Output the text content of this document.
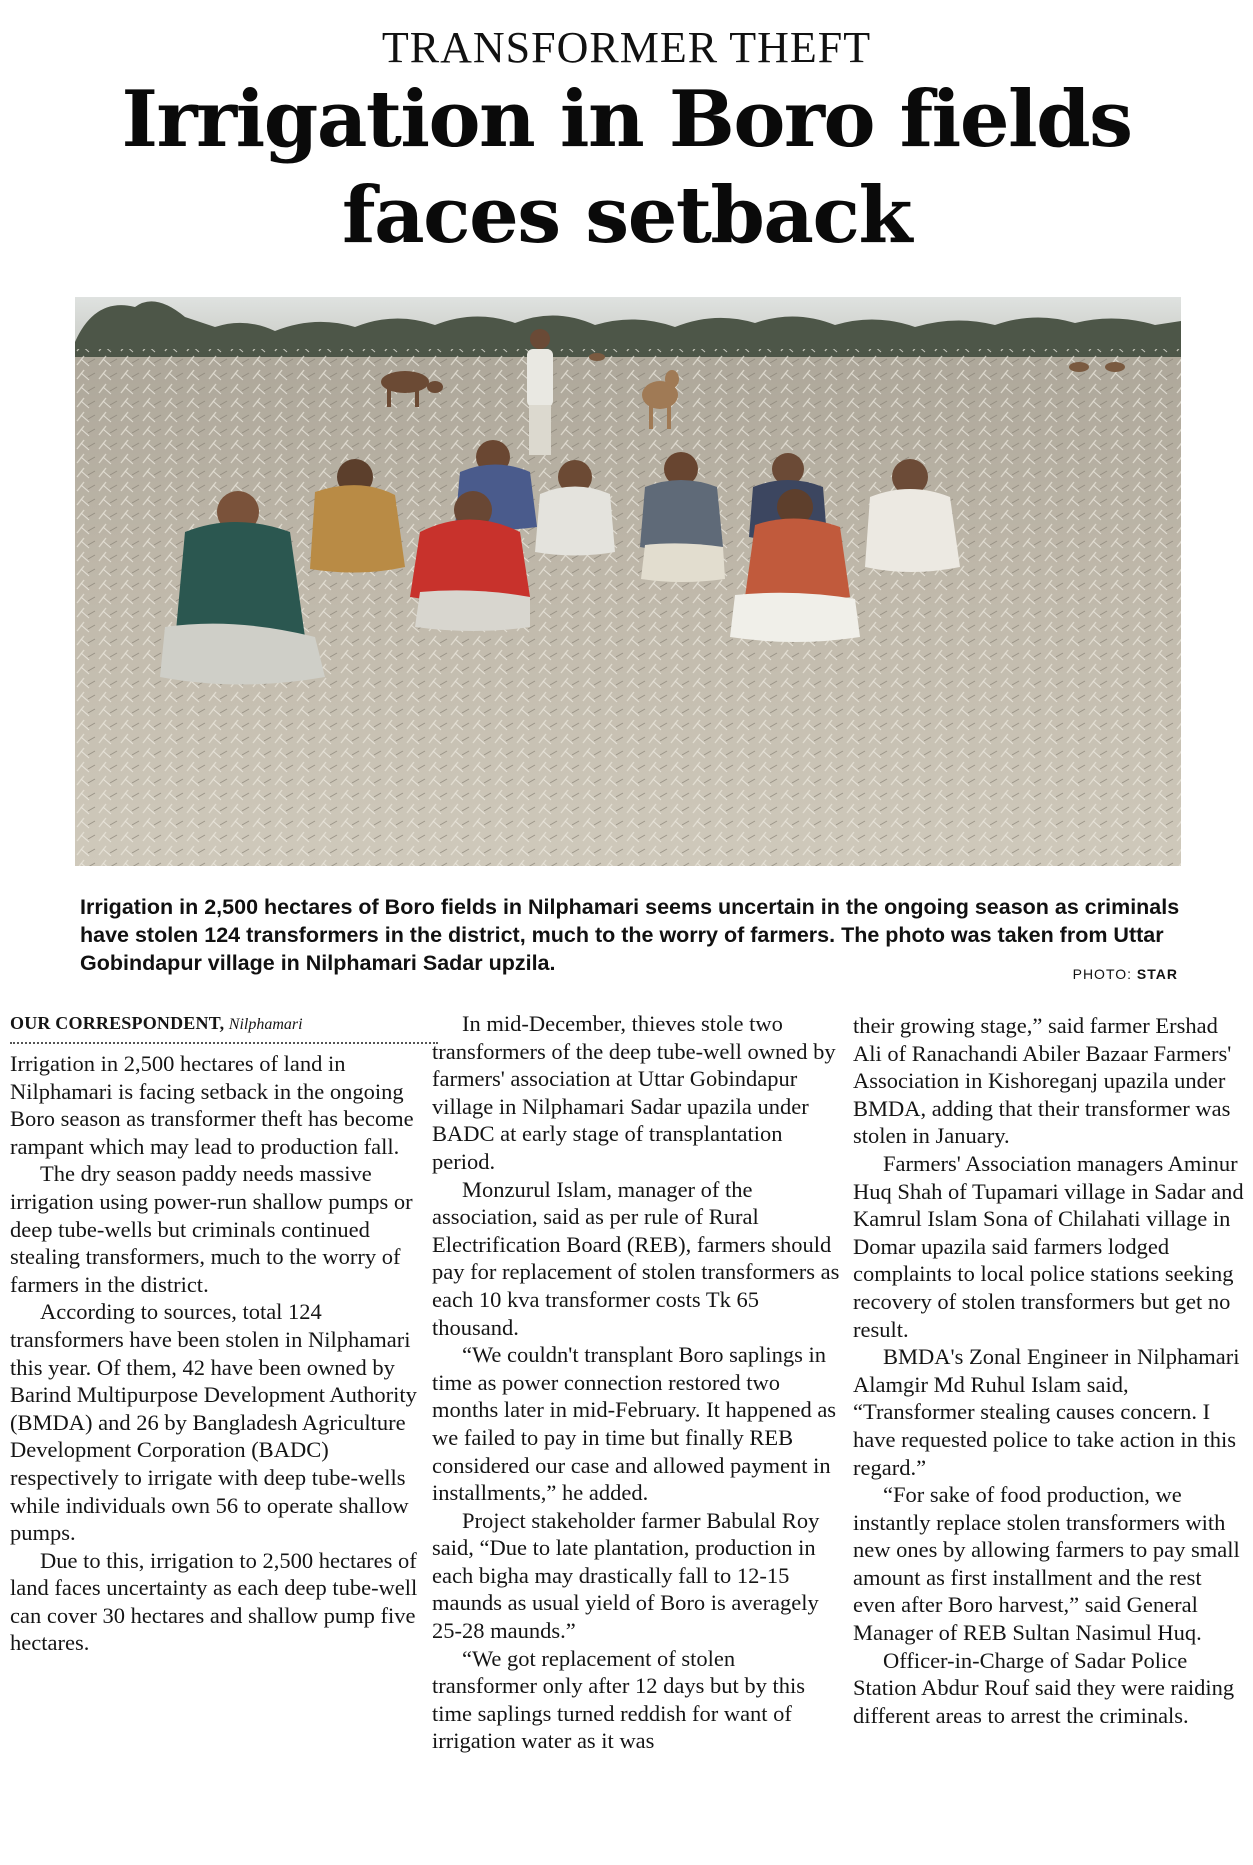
TRANSFORMER THEFT
Irrigation in Boro fields
faces setback
Irrigation in 2,500 hectares of Boro fields in Nilphamari seems uncertain in the ongoing season as criminals have stolen 124 transformers in the district, much to the worry of farmers. The photo was taken from Uttar Gobindapur village in Nilphamari Sadar upzila.	PHOTO: STAR
OUR CORRESPONDENT, Nilphamari

Irrigation in 2,500 hectares of land in Nilphamari is facing setback in the ongoing Boro season as transformer theft has become rampant which may lead to production fall.

The dry season paddy needs massive irrigation using power-run shallow pumps or deep tube-wells but criminals continued stealing transformers, much to the worry of farmers in the district.

According to sources, total 124 transformers have been stolen in Nilphamari this year. Of them, 42 have been owned by Barind Multipurpose Development Authority (BMDA) and 26 by Bangladesh Agriculture Development Corporation (BADC) respectively to irrigate with deep tube-wells while individuals own 56 to operate shallow pumps.

Due to this, irrigation to 2,500 hectares of land faces uncertainty as each deep tube-well can cover 30 hectares and shallow pump five hectares.

In mid-December, thieves stole two transformers of the deep tube-well owned by farmers' association at Uttar Gobindapur village in Nilphamari Sadar upazila under BADC at early stage of transplantation period.

Monzurul Islam, manager of the association, said as per rule of Rural Electrification Board (REB), farmers should pay for replacement of stolen transformers as each 10 kva transformer costs Tk 65 thousand.

“We couldn't transplant Boro saplings in time as power connection restored two months later in mid-February. It happened as we failed to pay in time but finally REB considered our case and allowed payment in installments,” he added.

Project stakeholder farmer Babulal Roy said, “Due to late plantation, production in each bigha may drastically fall to 12-15 maunds as usual yield of Boro is averagely 25-28 maunds.”

“We got replacement of stolen transformer only after 12 days but by this time saplings turned reddish for want of irrigation water as it was

their growing stage,” said farmer Ershad Ali of Ranachandi Abiler Bazaar Farmers' Association in Kishoreganj upazila under BMDA, adding that their transformer was stolen in January.

Farmers' Association managers Aminur Huq Shah of Tupamari village in Sadar and Kamrul Islam Sona of Chilahati village in Domar upazila said farmers lodged complaints to local police stations seeking recovery of stolen transformers but get no result.

BMDA's Zonal Engineer in Nilphamari Alamgir Md Ruhul Islam said, “Transformer stealing causes concern. I have requested police to take action in this regard.”

“For sake of food production, we instantly replace stolen transformers with new ones by allowing farmers to pay small amount as first installment and the rest even after Boro harvest,” said General Manager of REB Sultan Nasimul Huq.

Officer-in-Charge of Sadar Police Station Abdur Rouf said they were raiding different areas to arrest the criminals.
